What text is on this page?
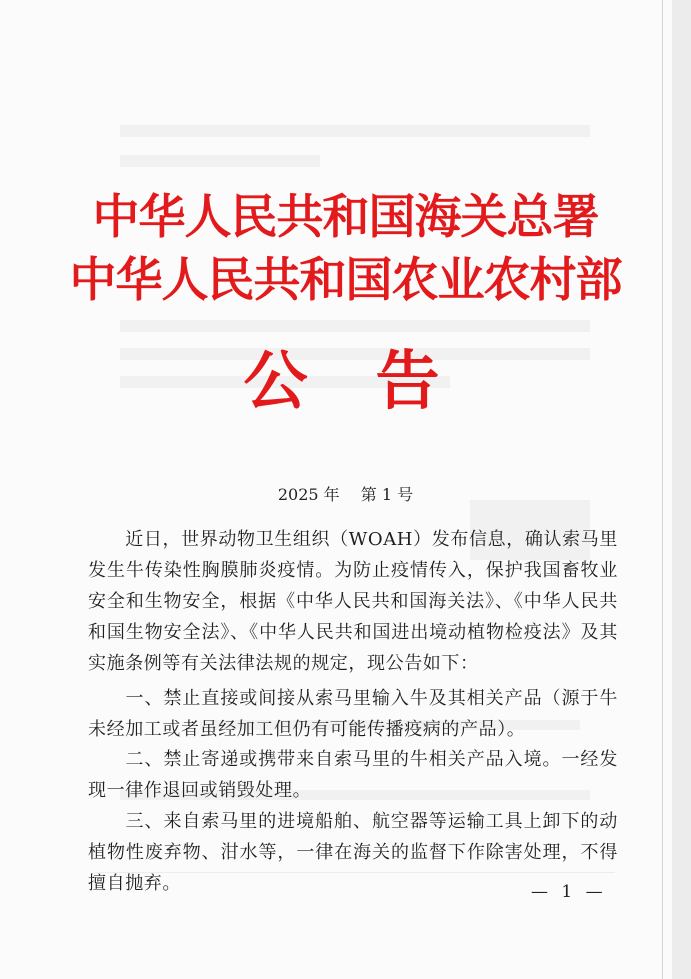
中华人民共和国海关总署
中华人民共和国农业农村部
公告
2025 年 第 1 号
  近日，世界动物卫生组织（WOAH）发布信息，确认索马里发生牛传染性胸膜肺炎疫情。为防止疫情传入，保护我国畜牧业安全和生物安全，根据《中华人民共和国海关法》、《中华人民共和国生物安全法》、《中华人民共和国进出境动植物检疫法》及其实施条例等有关法律法规的规定，现公告如下：
  一、禁止直接或间接从索马里输入牛及其相关产品（源于牛未经加工或者虽经加工但仍有可能传播疫病的产品）。
  二、禁止寄递或携带来自索马里的牛相关产品入境。一经发现一律作退回或销毁处理。
  三、来自索马里的进境船舶、航空器等运输工具上卸下的动植物性废弃物、泔水等，一律在海关的监督下作除害处理，不得擅自抛弃。	— 1 —
